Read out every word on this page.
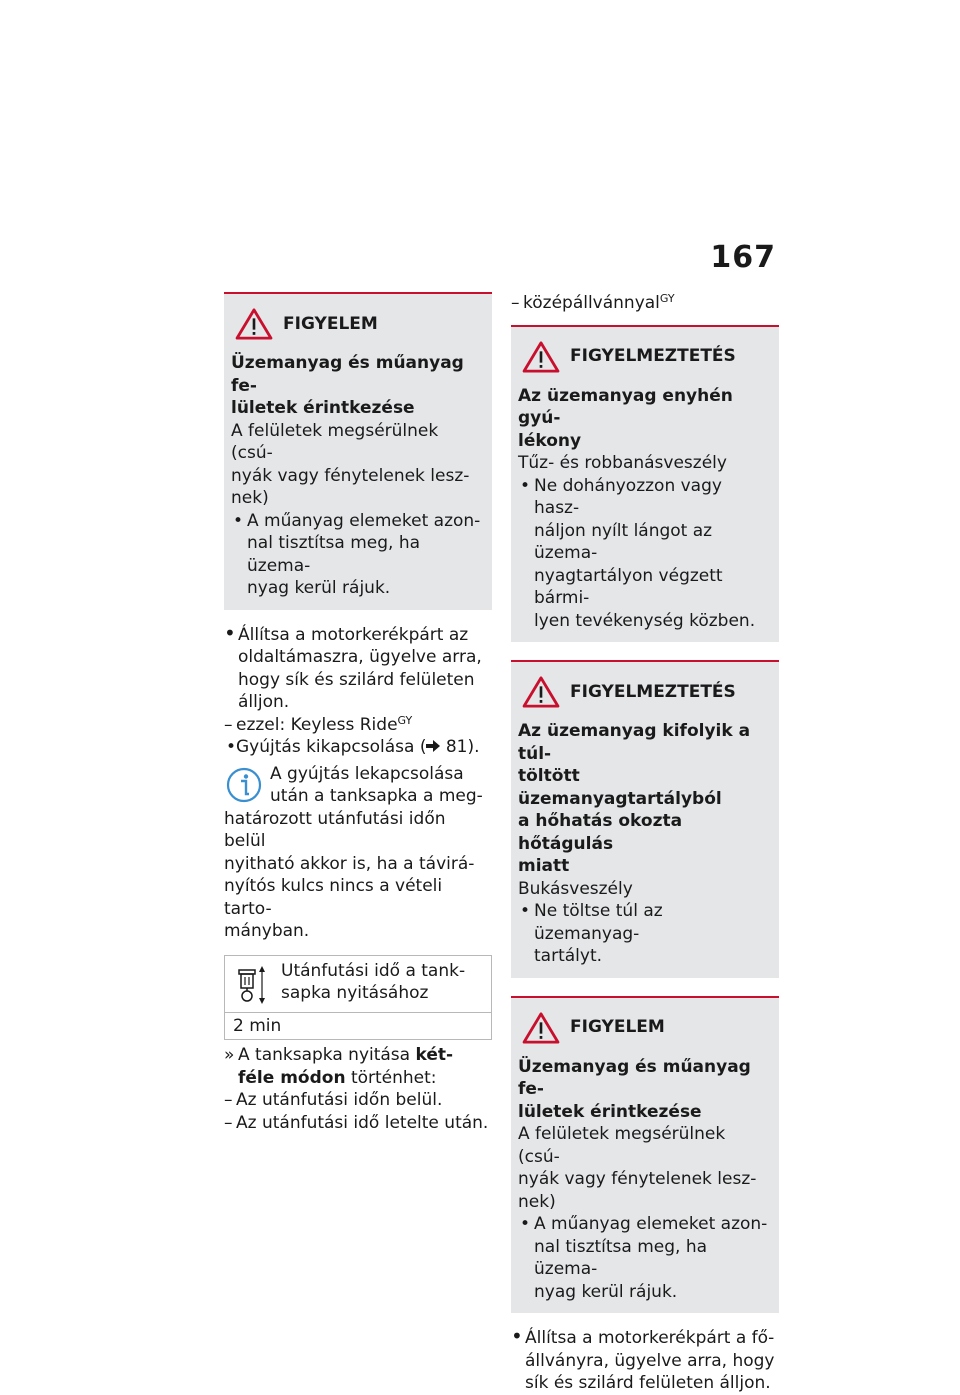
167
FIGYELEM
Üzemanyag és műanyag fe-
lületek érintkezése
A felületek megsérülnek (csú-
nyák vagy fénytelenek lesz-
nek)
• A műanyag elemeket azon-
nal tisztítsa meg, ha üzema-
nyag kerül rájuk.
• Állítsa a motorkerékpárt az
oldaltámaszra, ügyelve arra,
hogy sík és szilárd felületen
álljon.
– ezzel: Keyless Ride$^{GY}$
• Gyújtás kikapcsolása ( 81).
A gyújtás lekapcsolása
után a tanksapka a meg-
határozott utánfutási időn belül
nyitható akkor is, ha a távirá-
nyítós kulcs nincs a vételi tarto-
mányban.
Utánfutási idő a tank-
sapka nyitásához
2 min
» A tanksapka nyitása két-
féle módon történhet:
– Az utánfutási időn belül.
– Az utánfutási idő letelte után.
– középállvánnyal$^{GY}$
FIGYELMEZTETÉS
Az üzemanyag enyhén gyú-
lékony
Tűz- és robbanásveszély
• Ne dohányozzon vagy hasz-
náljon nyílt lángot az üzema-
nyagtartályon végzett bármi-
lyen tevékenység közben.
FIGYELMEZTETÉS
Az üzemanyag kifolyik a túl-
töltött üzemanyagtartályból
a hőhatás okozta hőtágulás
miatt
Bukásveszély
• Ne töltse túl az üzemanyag-
tartályt.
FIGYELEM
Üzemanyag és műanyag fe-
lületek érintkezése
A felületek megsérülnek (csú-
nyák vagy fénytelenek lesz-
nek)
• A műanyag elemeket azon-
nal tisztítsa meg, ha üzema-
nyag kerül rájuk.
• Állítsa a motorkerékpárt a fő-
állványra, ügyelve arra, hogy
sík és szilárd felületen álljon.
